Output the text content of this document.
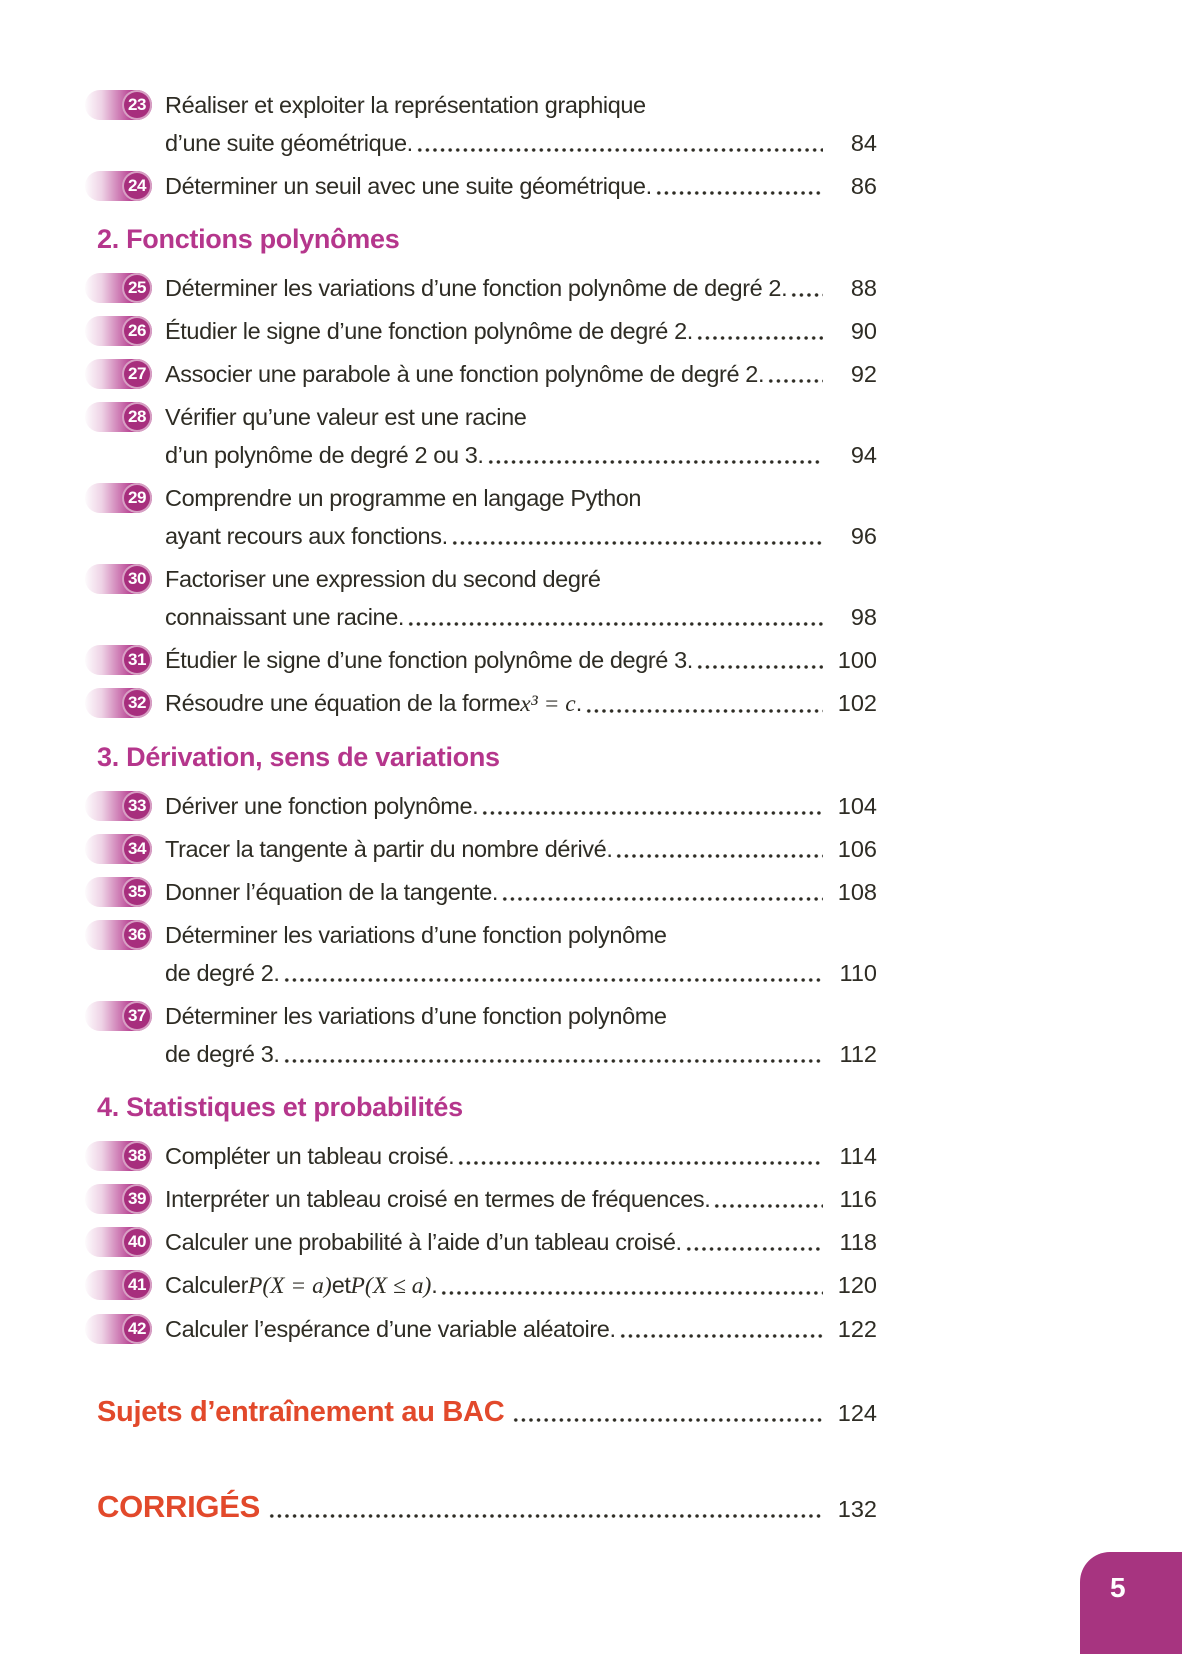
23 Réaliser et exploiter la représentation graphique
d’une suite géométrique.	84
24 Déterminer un seuil avec une suite géométrique.	86
2. Fonctions polynômes
25 Déterminer les variations d’une fonction polynôme de degré 2.	88
26 Étudier le signe d’une fonction polynôme de degré 2.	90
27 Associer une parabole à une fonction polynôme de degré 2.	92
28 Vérifier qu’une valeur est une racine
d’un polynôme de degré 2 ou 3.	94
29 Comprendre un programme en langage Python
ayant recours aux fonctions.	96
30 Factoriser une expression du second degré
connaissant une racine.	98
31 Étudier le signe d’une fonction polynôme de degré 3.	100
32 Résoudre une équation de la forme x³ = c .	102
3. Dérivation, sens de variations
33 Dériver une fonction polynôme.	104
34 Tracer la tangente à partir du nombre dérivé.	106
35 Donner l’équation de la tangente.	108
36 Déterminer les variations d’une fonction polynôme
de degré 2.	110
37 Déterminer les variations d’une fonction polynôme
de degré 3.	112
4. Statistiques et probabilités
38 Compléter un tableau croisé.	114
39 Interpréter un tableau croisé en termes de fréquences.	116
40 Calculer une probabilité à l’aide d’un tableau croisé.	118
41 Calculer P(X = a) et P(X ≤ a) .	120
42 Calculer l’espérance d’une variable aléatoire.	122
Sujets d’entraînement au BAC	124
CORRIGÉS	132
5
